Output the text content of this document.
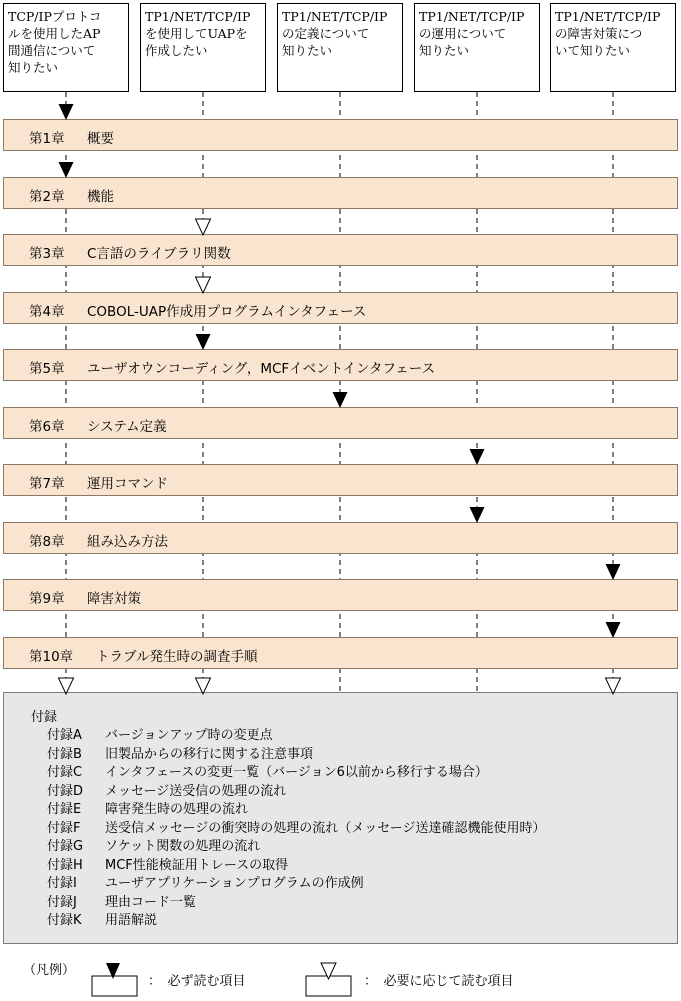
TCP/IPプロトコ
ルを使用したAP
間通信について
知りたい
TP1/NET/TCP/IP
を使用してUAPを
作成したい
TP1/NET/TCP/IP
の定義について
知りたい
TP1/NET/TCP/IP
の運用について
知りたい
TP1/NET/TCP/IP
の障害対策につ
いて知りたい
第1章 概要
第2章 機能
第3章 C言語のライブラリ関数
第4章 COBOL-UAP作成用プログラムインタフェース
第5章 ユーザオウンコーディング，MCFイベントインタフェース
第6章 システム定義
第7章 運用コマンド
第8章 組み込み方法
第9章 障害対策
第10章 トラブル発生時の調査手順
付録
付録A バージョンアップ時の変更点
付録B 旧製品からの移行に関する注意事項
付録C インタフェースの変更一覧（バージョン6以前から移行する場合）
付録D メッセージ送受信の処理の流れ
付録E 障害発生時の処理の流れ
付録F 送受信メッセージの衝突時の処理の流れ（メッセージ送達確認機能使用時）
付録G ソケット関数の処理の流れ
付録H MCF性能検証用トレースの取得
付録I ユーザアプリケーションプログラムの作成例
付録J 理由コード一覧
付録K 用語解説
（凡例）
：　必ず読む項目	：　必要に応じて読む項目
